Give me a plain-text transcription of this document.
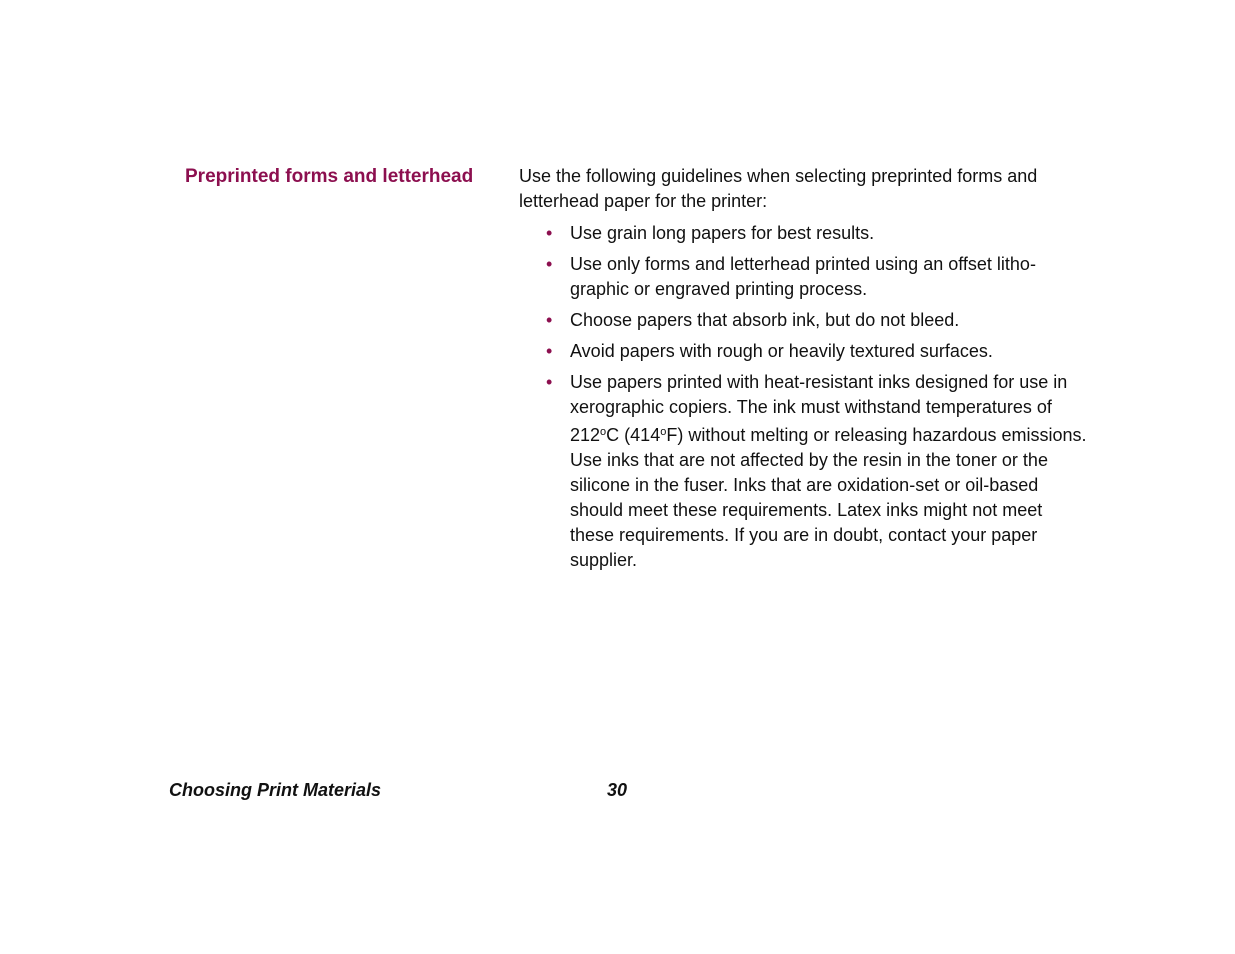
Preprinted forms and letterhead	Use the following guidelines when selecting preprinted forms and letterhead paper for the printer:

• Use grain long papers for best results.
• Use only forms and letterhead printed using an offset litho-graphic or engraved printing process.
• Choose papers that absorb ink, but do not bleed.
• Avoid papers with rough or heavily textured surfaces.
• Use papers printed with heat-resistant inks designed for use in xerographic copiers. The ink must withstand temperatures of 212$^o$C (414$^o$F) without melting or releasing hazardous emissions. Use inks that are not affected by the resin in the toner or the silicone in the fuser. Inks that are oxidation-set or oil-based should meet these requirements. Latex inks might not meet these requirements. If you are in doubt, contact your paper supplier.
Choosing Print Materials	30
